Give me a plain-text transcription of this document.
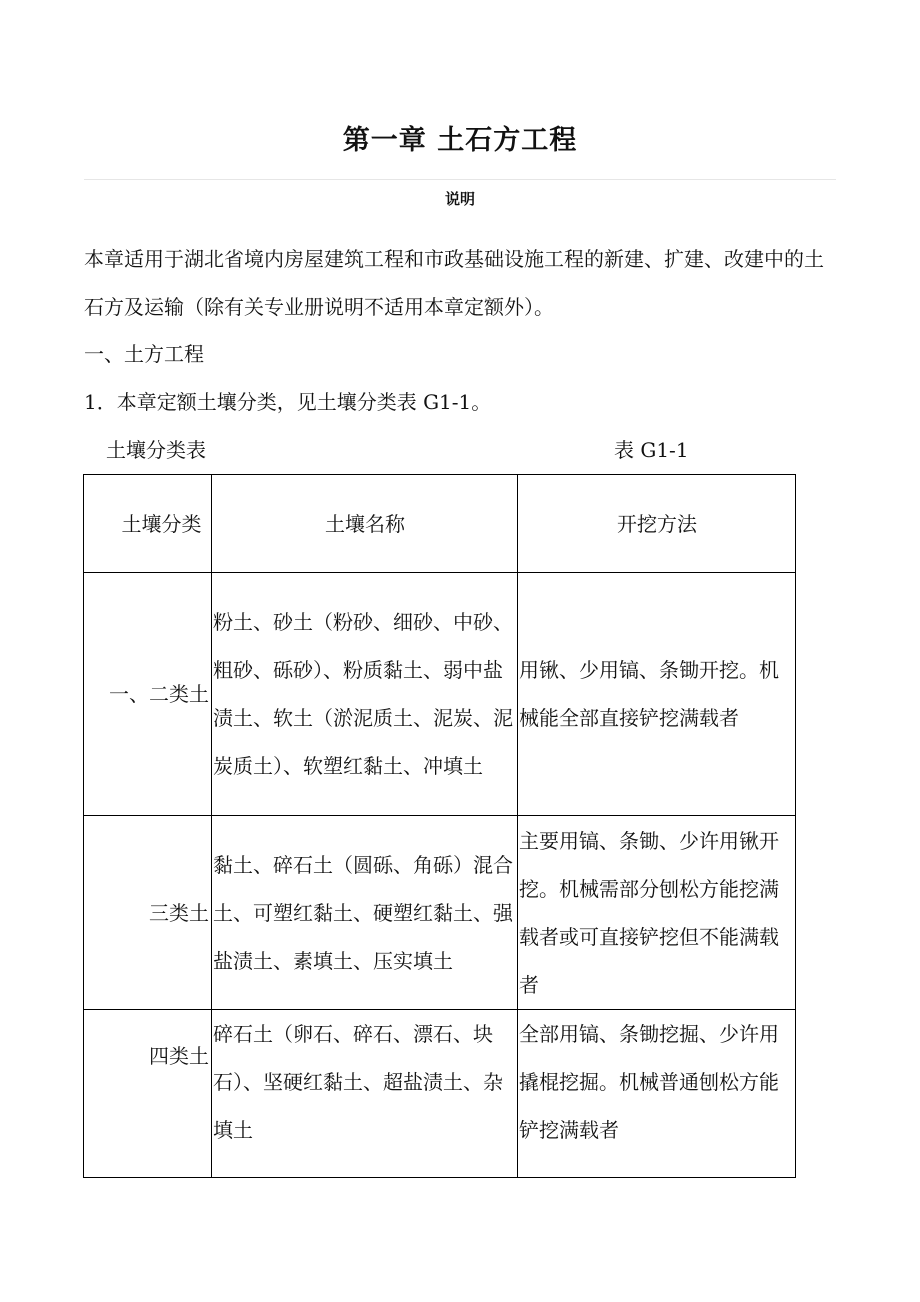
第一章 土石方工程
说明
本章适用于湖北省境内房屋建筑工程和市政基础设施工程的新建、扩建、改建中的土石方及运输（除有关专业册说明不适用本章定额外）。
一、土方工程
1．本章定额土壤分类，见土壤分类表 G1-1。
土壤分类表	表 G1-1
土壤分类	土壤名称	开挖方法
一、二类土	粉土、砂土（粉砂、细砂、中砂、粗砂、砾砂）、粉质黏土、弱中盐渍土、软土（淤泥质土、泥炭、泥炭质土）、软塑红黏土、冲填土	用锹、少用镐、条锄开挖。机械能全部直接铲挖满载者
三类土	黏土、碎石土（圆砾、角砾）混合土、可塑红黏土、硬塑红黏土、强盐渍土、素填土、压实填土	主要用镐、条锄、少许用锹开挖。机械需部分刨松方能挖满载者或可直接铲挖但不能满载者
四类土	碎石土（卵石、碎石、漂石、块石）、坚硬红黏土、超盐渍土、杂填土	全部用镐、条锄挖掘、少许用撬棍挖掘。机械普通刨松方能铲挖满载者
